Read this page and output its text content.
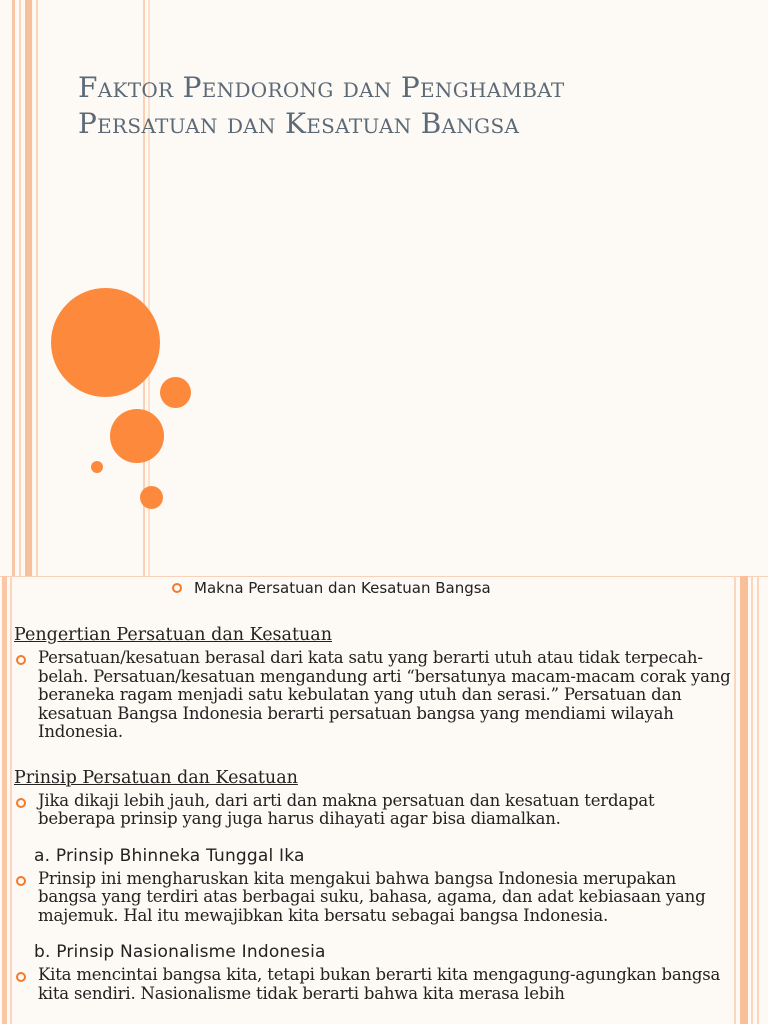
Faktor Pendorong dan Penghambat
Persatuan dan Kesatuan Bangsa
Makna Persatuan dan Kesatuan Bangsa
Pengertian Persatuan dan Kesatuan

Persatuan/kesatuan berasal dari kata satu yang berarti utuh atau tidak terpecah-belah. Persatuan/kesatuan mengandung arti “bersatunya macam-macam corak yang beraneka ragam menjadi satu kebulatan yang utuh dan serasi.” Persatuan dan kesatuan Bangsa Indonesia berarti persatuan bangsa yang mendiami wilayah Indonesia.

Prinsip Persatuan dan Kesatuan

Jika dikaji lebih jauh, dari arti dan makna persatuan dan kesatuan terdapat beberapa prinsip yang juga harus dihayati agar bisa diamalkan.

a. Prinsip Bhinneka Tunggal Ika

Prinsip ini mengharuskan kita mengakui bahwa bangsa Indonesia merupakan bangsa yang terdiri atas berbagai suku, bahasa, agama, dan adat kebiasaan yang majemuk. Hal itu mewajibkan kita bersatu sebagai bangsa Indonesia.

b. Prinsip Nasionalisme Indonesia

Kita mencintai bangsa kita, tetapi bukan berarti kita mengagung-agungkan bangsa kita sendiri. Nasionalisme tidak berarti bahwa kita merasa lebih
